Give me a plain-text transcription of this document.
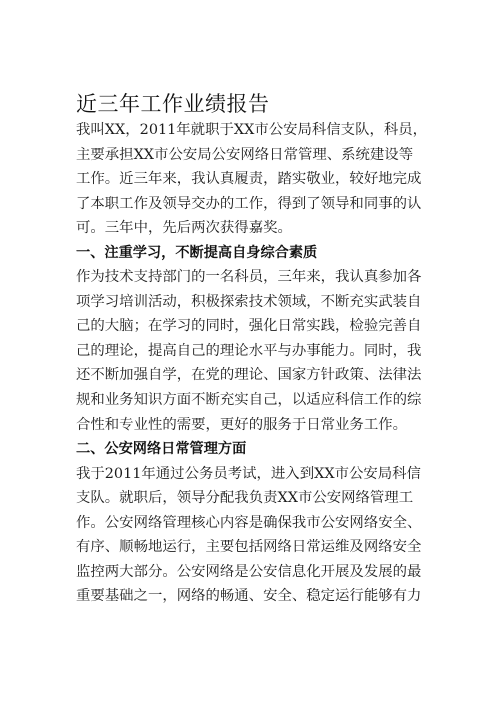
近三年工作业绩报告
我叫XX，2011年就职于XX市公安局科信支队，科员，
主要承担XX市公安局公安网络日常管理、系统建设等
工作。近三年来，我认真履责，踏实敬业，较好地完成
了本职工作及领导交办的工作，得到了领导和同事的认
可。三年中，先后两次获得嘉奖。
一、注重学习，不断提高自身综合素质
作为技术支持部门的一名科员，三年来，我认真参加各
项学习培训活动，积极探索技术领域，不断充实武装自
己的大脑；在学习的同时，强化日常实践，检验完善自
己的理论，提高自己的理论水平与办事能力。同时，我
还不断加强自学，在党的理论、国家方针政策、法律法
规和业务知识方面不断充实自己，以适应科信工作的综
合性和专业性的需要，更好的服务于日常业务工作。
二、公安网络日常管理方面
我于2011年通过公务员考试，进入到XX市公安局科信
支队。就职后，领导分配我负责XX市公安网络管理工
作。公安网络管理核心内容是确保我市公安网络安全、
有序、顺畅地运行，主要包括网络日常运维及网络安全
监控两大部分。公安网络是公安信息化开展及发展的最
重要基础之一，网络的畅通、安全、稳定运行能够有力
